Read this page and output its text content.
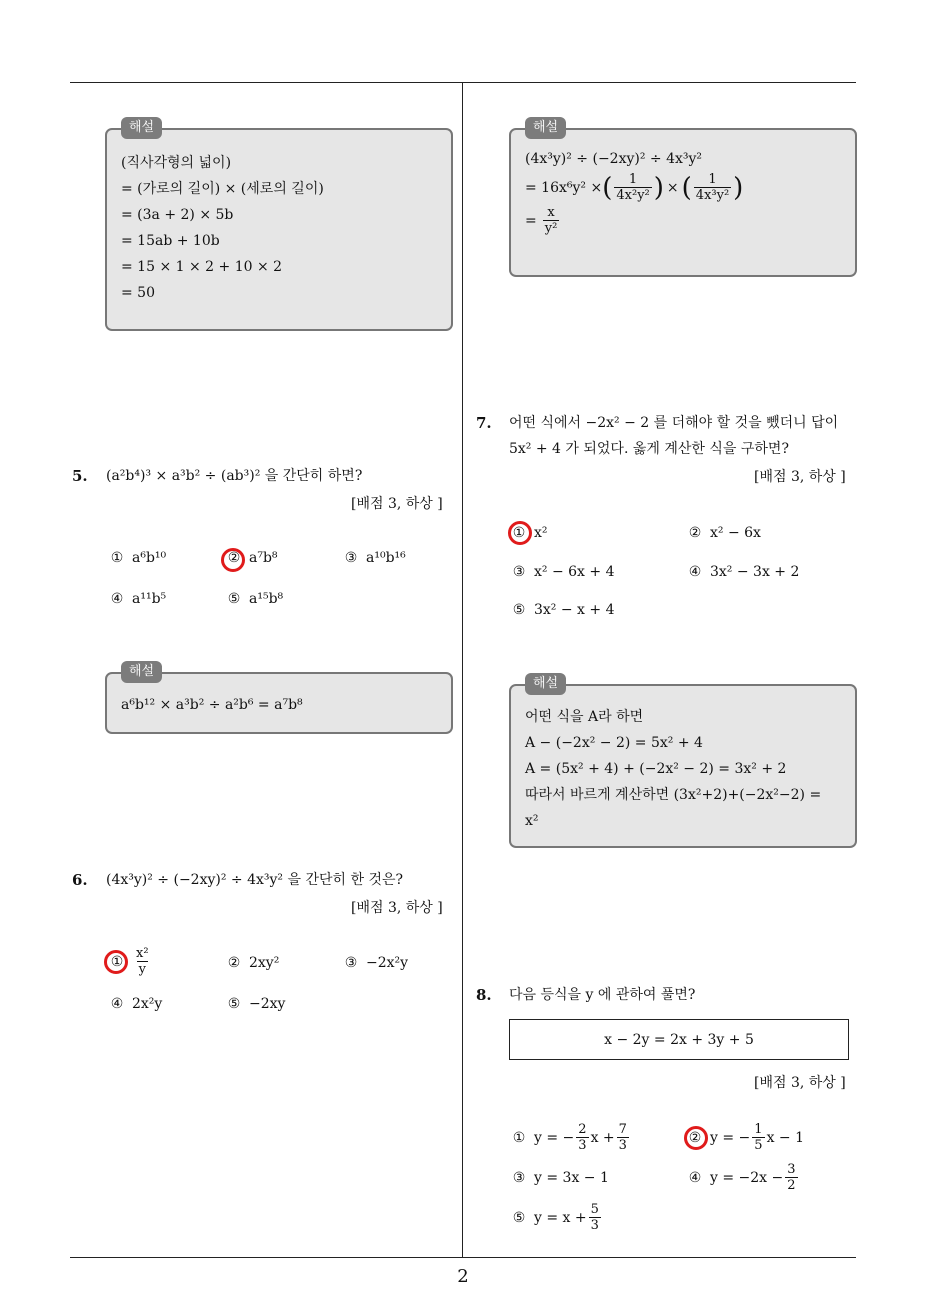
2
해설
(직사각형의 넓이)
= (가로의 길이) × (세로의 길이)
= (3a + 2) × 5b
= 15ab + 10b
= 15 × 1 × 2 + 10 × 2
= 50
5. (a²b⁴)³ × a³b² ÷ (ab³)² 을 간단히 하면?
[배점 3, 하상 ]
① a⁶b¹⁰	② a⁷b⁸	③ a¹⁰b¹⁶
④ a¹¹b⁵	⑤ a¹⁵b⁸
해설
a⁶b¹² × a³b² ÷ a²b⁶ = a⁷b⁸
6. (4x³y)² ÷ (−2xy)² ÷ 4x³y² 을 간단히 한 것은?
[배점 3, 하상 ]
① $\frac{\text{x²}}{y}$	② 2xy²	③ −2x²y
④ 2x²y	⑤ −2xy
해설
(4x³y)² ÷ (−2xy)² ÷ 4x³y²
= 16x⁶y² × ( $\frac{1}{\text{4x²y²}}$ ) × ( $\frac{1}{\text{4x³y²}}$ )
= $\frac{x}{\text{y²}}$
7. 어떤 식에서 −2x² − 2 를 더해야 할 것을 뺐더니 답이
5x² + 4 가 되었다. 옳게 계산한 식을 구하면?
[배점 3, 하상 ]
① x²	② x² − 6x
③ x² − 6x + 4	④ 3x² − 3x + 2
⑤ 3x² − x + 4
해설
어떤 식을 A라 하면
A − (−2x² − 2) = 5x² + 4
A = (5x² + 4) + (−2x² − 2) = 3x² + 2
따라서 바르게 계산하면 (3x²+2)+(−2x²−2) =
x²
8. 다음 등식을 y 에 관하여 풀면?
x − 2y = 2x + 3y + 5
[배점 3, 하상 ]
① y = − $\frac{2}{3}$ $x + \frac{7}{3}$	② y = − $\frac{1}{5}$ x − 1
③ y = 3x − 1	④ $y = -2x - \frac{3}{2}$
⑤ $y = x + \frac{5}{3}$
